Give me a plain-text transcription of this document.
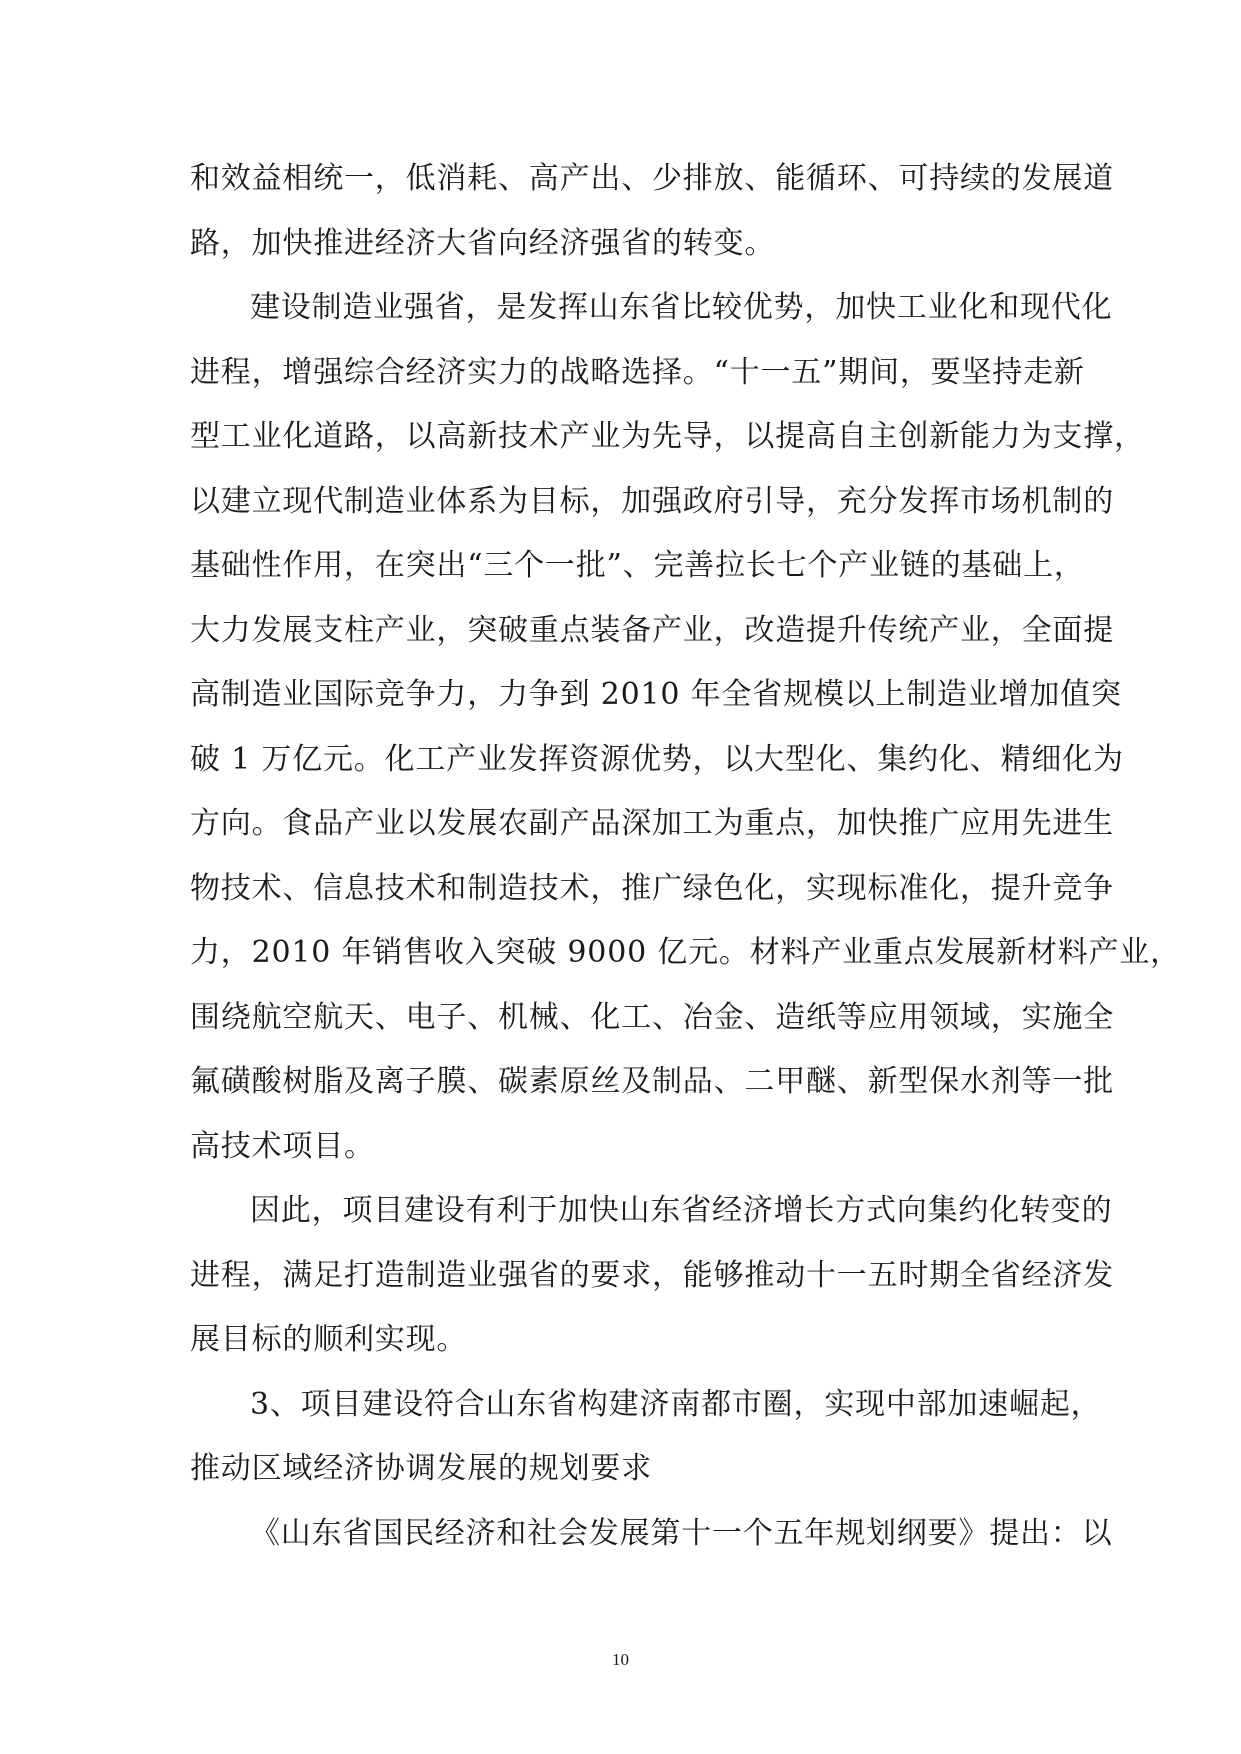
和效益相统一，低消耗、高产出、少排放、能循环、可持续的发展道
路，加快推进经济大省向经济强省的转变。
建设制造业强省，是发挥山东省比较优势，加快工业化和现代化
进程，增强综合经济实力的战略选择。“十一五”期间，要坚持走新
型工业化道路，以高新技术产业为先导，以提高自主创新能力为支撑，
以建立现代制造业体系为目标，加强政府引导，充分发挥市场机制的
基础性作用，在突出“三个一批”、完善拉长七个产业链的基础上，
大力发展支柱产业，突破重点装备产业，改造提升传统产业，全面提
高制造业国际竞争力，力争到 2010 年全省规模以上制造业增加值突
破 1 万亿元。化工产业发挥资源优势，以大型化、集约化、精细化为
方向。食品产业以发展农副产品深加工为重点，加快推广应用先进生
物技术、信息技术和制造技术，推广绿色化，实现标准化，提升竞争
力，2010 年销售收入突破 9000 亿元。材料产业重点发展新材料产业，
围绕航空航天、电子、机械、化工、冶金、造纸等应用领域，实施全
氟磺酸树脂及离子膜、碳素原丝及制品、二甲醚、新型保水剂等一批
高技术项目。
因此，项目建设有利于加快山东省经济增长方式向集约化转变的
进程，满足打造制造业强省的要求，能够推动十一五时期全省经济发
展目标的顺利实现。
3、项目建设符合山东省构建济南都市圈，实现中部加速崛起，
推动区域经济协调发展的规划要求
《山东省国民经济和社会发展第十一个五年规划纲要》提出：以
10
